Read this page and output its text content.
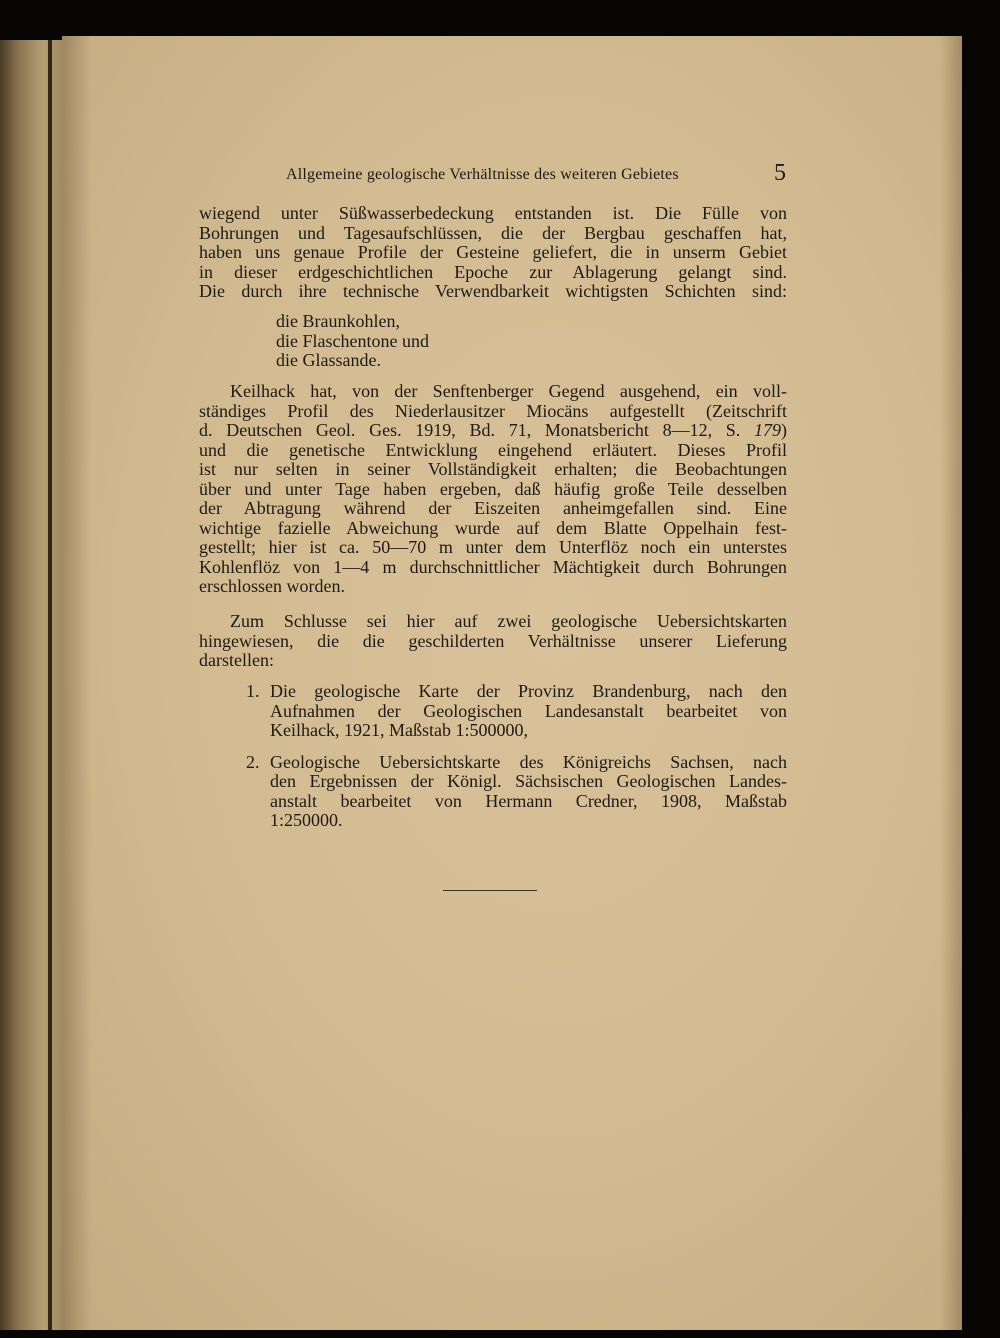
Allgemeine geologische Verhältnisse des weiteren Gebietes	5

wiegend unter Süßwasserbedeckung entstanden ist. Die Fülle von

Bohrungen und Tagesaufschlüssen, die der Bergbau geschaffen hat,

haben uns genaue Profile der Gesteine geliefert, die in unserm Gebiet

in dieser erdgeschichtlichen Epoche zur Ablagerung gelangt sind.

Die durch ihre technische Verwendbarkeit wichtigsten Schichten sind:

die Braunkohlen,
die Flaschentone und
die Glassande.

Keilhack hat, von der Senftenberger Gegend ausgehend, ein voll-

ständiges Profil des Niederlausitzer Miocäns aufgestellt (Zeitschrift

d. Deutschen Geol. Ges. 1919, Bd. 71, Monatsbericht 8—12, S. 179)

und die genetische Entwicklung eingehend erläutert. Dieses Profil

ist nur selten in seiner Vollständigkeit erhalten; die Beobachtungen

über und unter Tage haben ergeben, daß häufig große Teile desselben

der Abtragung während der Eiszeiten anheimgefallen sind. Eine

wichtige fazielle Abweichung wurde auf dem Blatte Oppelhain fest-

gestellt; hier ist ca. 50—70 m unter dem Unterflöz noch ein unterstes

Kohlenflöz von 1—4 m durchschnittlicher Mächtigkeit durch Bohrungen

erschlossen worden.

Zum Schlusse sei hier auf zwei geologische Uebersichtskarten

hingewiesen, die die geschilderten Verhältnisse unserer Lieferung

darstellen:

1. Die geologische Karte der Provinz Brandenburg, nach den

Aufnahmen der Geologischen Landesanstalt bearbeitet von

Keilhack, 1921, Maßstab 1:500000,

2. Geologische Uebersichtskarte des Königreichs Sachsen, nach

den Ergebnissen der Königl. Sächsischen Geologischen Landes-

anstalt bearbeitet von Hermann Credner, 1908, Maßstab

1:250000.
